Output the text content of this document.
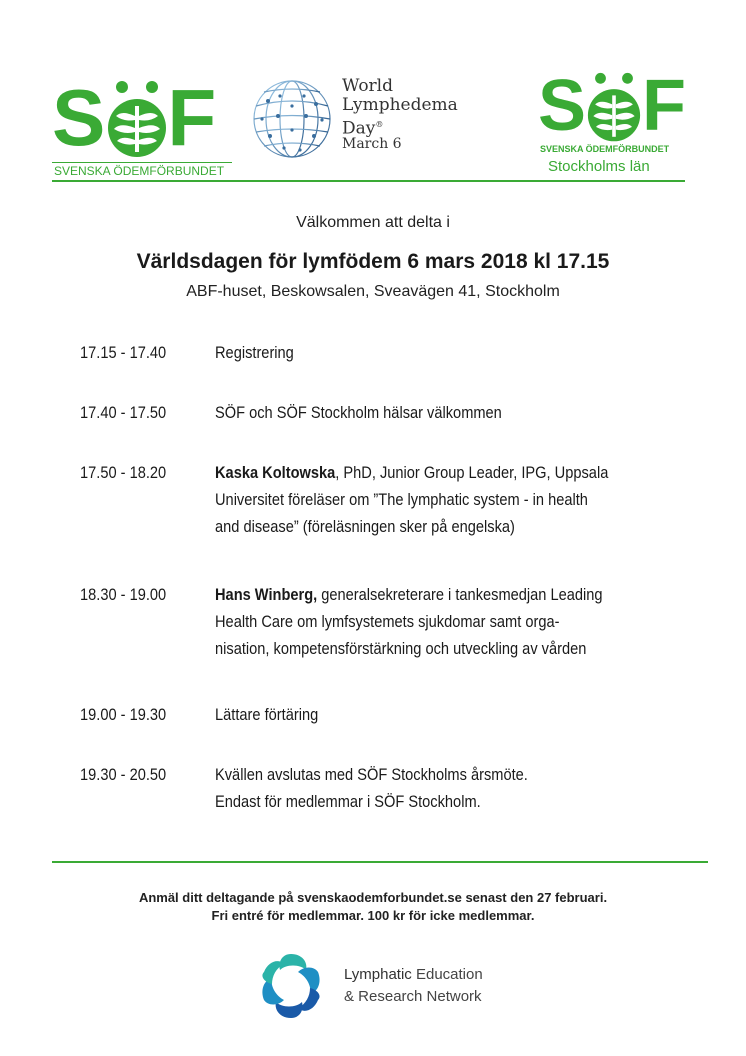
S F
SVENSKA ÖDEMFÖRBUNDET
World
Lymphedema
Day®
March 6 S F
SVENSKA ÖDEMFÖRBUNDET
Stockholms län
Välkommen att delta i
Världsdagen för lymfödem 6 mars 2018 kl 17.15
ABF-huset, Beskowsalen, Sveavägen 41, Stockholm
17.15 - 17.40	Registrering
17.40 - 17.50	SÖF och SÖF Stockholm hälsar välkommen
17.50 - 18.20	Kaska Koltowska, PhD, Junior Group Leader, IPG, Uppsala
Universitet föreläser om ”The lymphatic system - in health
and disease” (föreläsningen sker på engelska)
18.30 - 19.00	Hans Winberg, generalsekreterare i tankesmedjan Leading
Health Care om lymfsystemets sjukdomar samt orga-
nisation, kompetensförstärkning och utveckling av vården
19.00 - 19.30	Lättare förtäring
19.30 - 20.50	Kvällen avslutas med SÖF Stockholms årsmöte.
Endast för medlemmar i SÖF Stockholm.
Anmäl ditt deltagande på svenskaodemforbundet.se senast den 27 februari.
Fri entré för medlemmar. 100 kr för icke medlemmar.
Lymphatic Education
& Research Network
